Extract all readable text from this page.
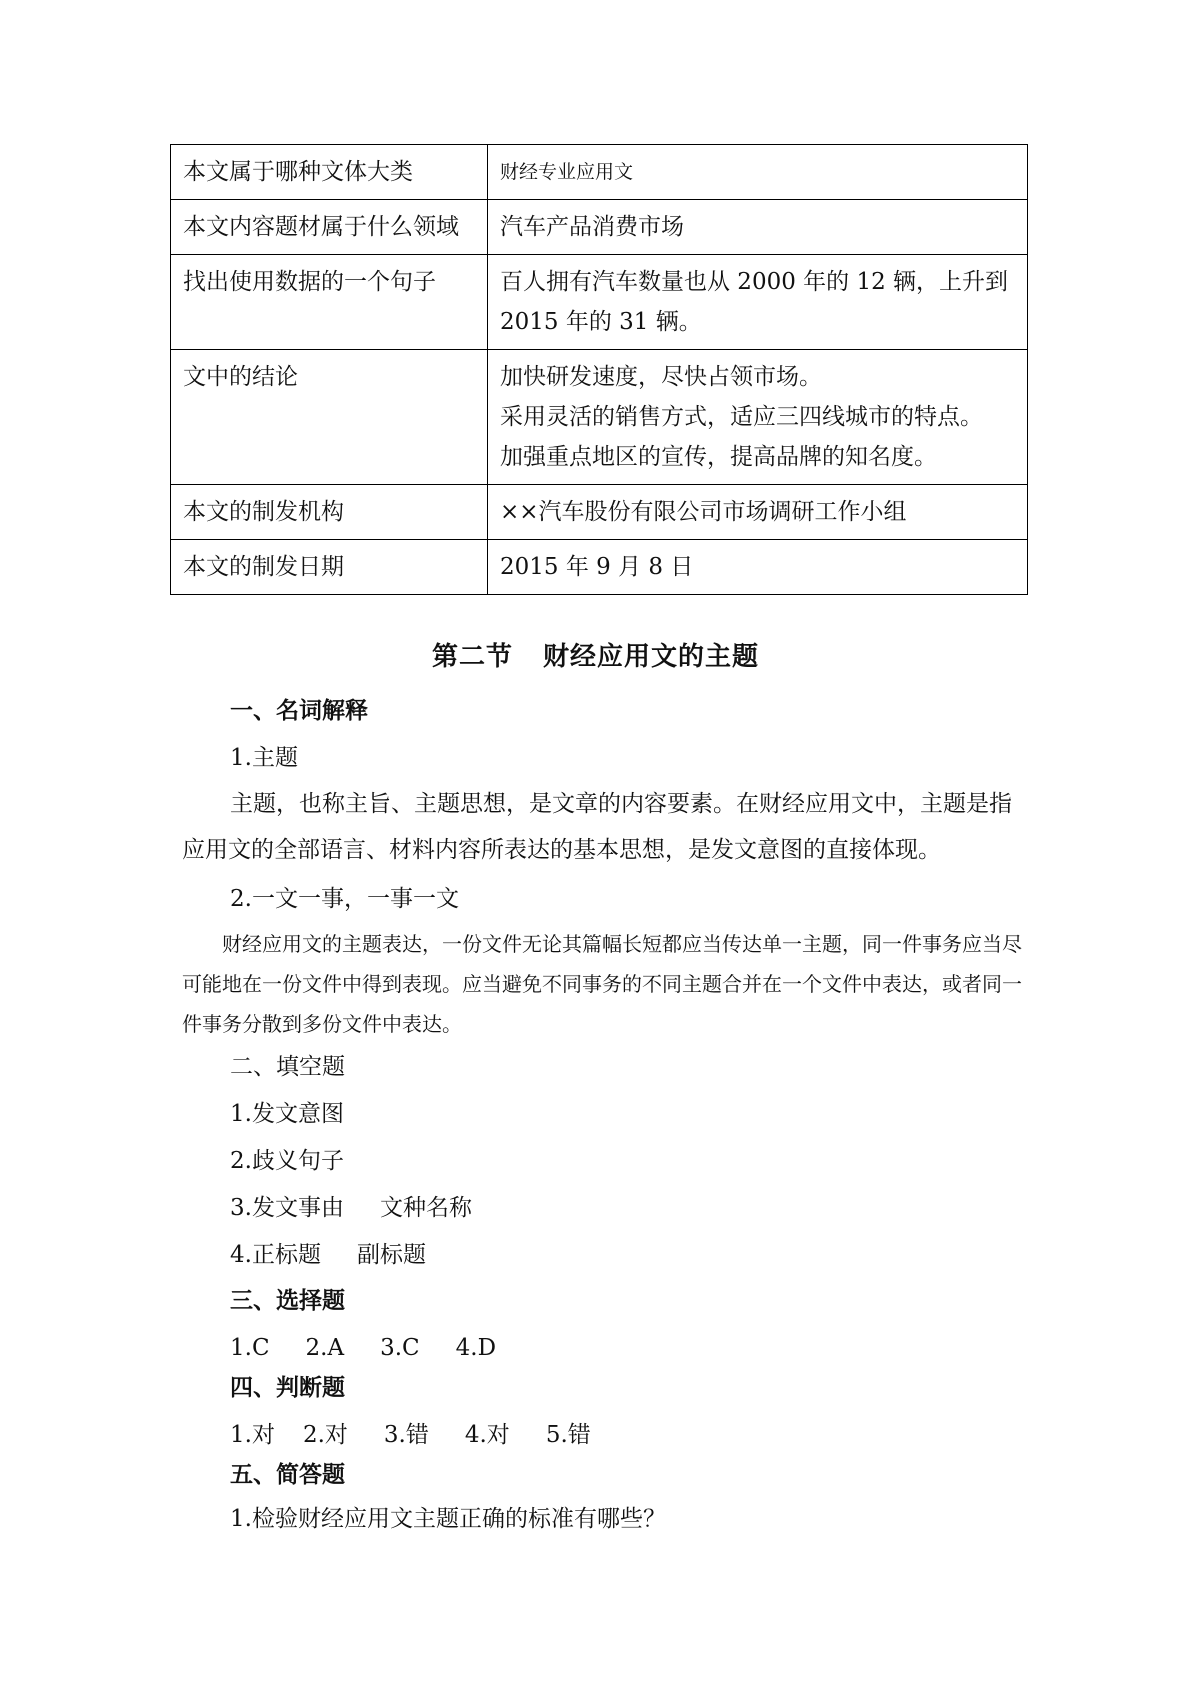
本文属于哪种文体大类	财经专业应用文

本文内容题材属于什么领域	汽车产品消费市场

找出使用数据的一个句子	百人拥有汽车数量也从 2000 年的 12 辆，上升到
2015 年的 31 辆。

文中的结论	加快研发速度，尽快占领市场。
采用灵活的销售方式，适应三四线城市的特点。
加强重点地区的宣传，提高品牌的知名度。

本文的制发机构	××汽车股份有限公司市场调研工作小组

本文的制发日期	2015 年 9 月 8 日
第二节 财经应用文的主题
一、名词解释
1.主题
主题，也称主旨、主题思想，是文章的内容要素。在财经应用文中，主题是指应用文的全部语言、材料内容所表达的基本思想，是发文意图的直接体现。
2.一文一事，一事一文
财经应用文的主题表达，一份文件无论其篇幅长短都应当传达单一主题，同一件事务应当尽可能地在一份文件中得到表现。应当避免不同事务的不同主题合并在一个文件中表达，或者同一件事务分散到多份文件中表达。
二、填空题
1.发文意图
2.歧义句子
3.发文事由 文种名称
4.正标题 副标题
三、选择题
1.C 2.A 3.C 4.D
四、判断题
1.对 2.对 3.错 4.对 5.错
五、简答题
1.检验财经应用文主题正确的标准有哪些？
